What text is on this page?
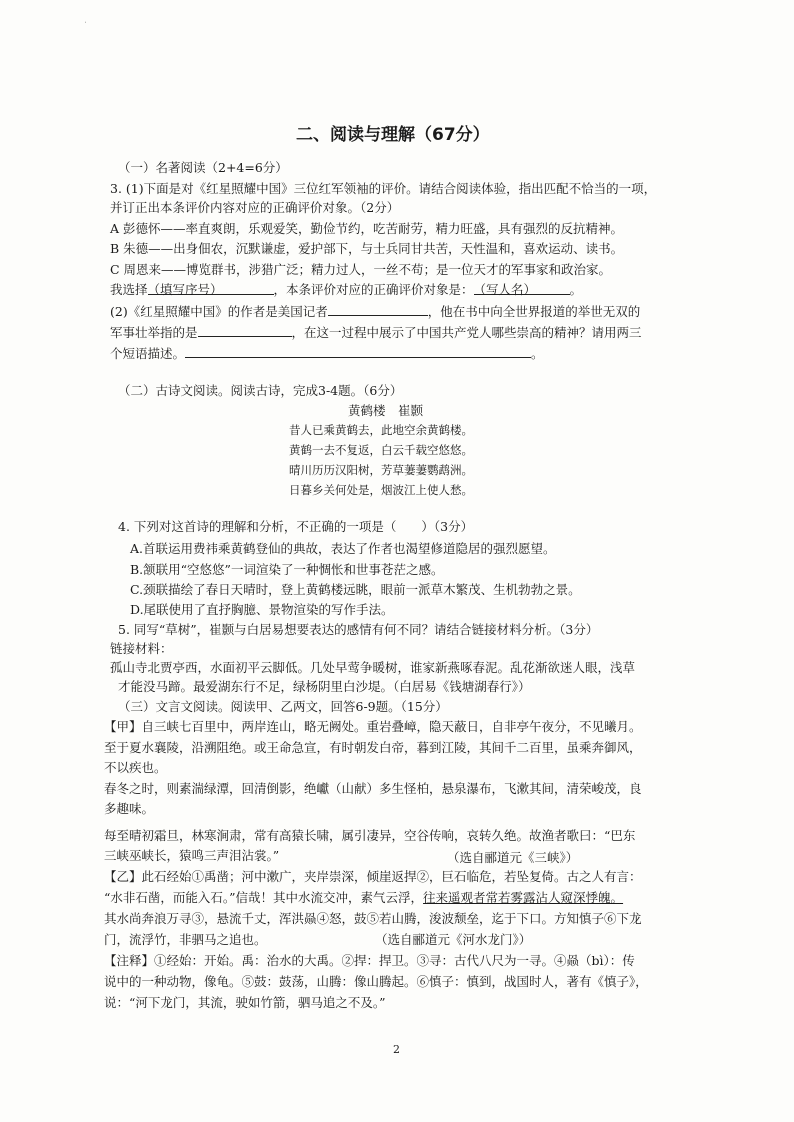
˙
二、阅读与理解（67分）
（一）名著阅读（2+4=6分）
3. (1)下面是对《红星照耀中国》三位红军领袖的评价。请结合阅读体验，指出匹配不恰当的一项，
并订正出本条评价内容对应的正确评价对象。（2分）
A 彭德怀——率直爽朗，乐观爱笑，勤俭节约，吃苦耐劳，精力旺盛，具有强烈的反抗精神。
B 朱德——出身佃农，沉默谦虚，爱护部下，与士兵同甘共苦，天性温和，喜欢运动、读书。
C 周恩来——博览群书，涉猎广泛；精力过人，一丝不苟；是一位天才的军事家和政治家。
我选择（填写序号）	，本条评价对应的正确评价对象是：（写人名）	。
(2)《红星照耀中国》的作者是美国记者	，他在书中向全世界报道的举世无双的
军事壮举指的是	，在这一过程中展示了中国共产党人哪些崇高的精神？请用两三
个短语描述。	。
（二）古诗文阅读。阅读古诗，完成3-4题。（6分）
黄鹤楼　崔颢
昔人已乘黄鹤去，此地空余黄鹤楼。
黄鹤一去不复返，白云千载空悠悠。
晴川历历汉阳树，芳草萋萋鹦鹉洲。
日暮乡关何处是，烟波江上使人愁。
4. 下列对这首诗的理解和分析，不正确的一项是（　　）（3分）
A.首联运用费祎乘黄鹤登仙的典故，表达了作者也渴望修道隐居的强烈愿望。
B.颔联用“空悠悠”一词渲染了一种惆怅和世事苍茫之感。
C.颈联描绘了春日天晴时，登上黄鹤楼远眺，眼前一派草木繁茂、生机勃勃之景。
D.尾联使用了直抒胸臆、景物渲染的写作手法。
5. 同写“草树”，崔颢与白居易想要表达的感情有何不同？请结合链接材料分析。（3分）
链接材料：
孤山寺北贾亭西，水面初平云脚低。几处早莺争暖树，谁家新燕啄春泥。乱花渐欲迷人眼，浅草
才能没马蹄。最爱湖东行不足，绿杨阴里白沙堤。（白居易《钱塘湖春行》）
（三）文言文阅读。阅读甲、乙两文，回答6-9题。（15分）
【甲】自三峡七百里中，两岸连山，略无阙处。重岩叠嶂，隐天蔽日，自非亭午夜分，不见曦月。
至于夏水襄陵，沿溯阻绝。或王命急宣，有时朝发白帝，暮到江陵，其间千二百里，虽乘奔御风，
不以疾也。
春冬之时，则素湍绿潭，回清倒影，绝巘（山献）多生怪柏，悬泉瀑布，飞漱其间，清荣峻茂，良
多趣味。
每至晴初霜旦，林寒涧肃，常有高猿长啸，属引凄异，空谷传响，哀转久绝。故渔者歌曰：“巴东
三峡巫峡长，猿鸣三声泪沾裳。”	（选自郦道元《三峡》）
【乙】此石经始①禹凿；河中漱广，夹岸崇深，倾崖返捍②，巨石临危，若坠复倚。古之人有言：
“水非石凿，而能入石。”信哉！其中水流交冲，素气云浮，往来遥观者常若雾露沾人窥深悸魄。
其水尚奔浪万寻③，悬流千丈，浑洪赑④怒，鼓⑤若山腾，浚波颓垒，迄于下口。方知慎子⑥下龙
门，流浮竹，非驷马之追也。	（选自郦道元《河水龙门》）
【注释】①经始：开始。禹：治水的大禹。②捍：捍卫。③寻：古代八尺为一寻。④赑（bì）：传
说中的一种动物，像龟。⑤鼓：鼓荡，山腾：像山腾起。⑥慎子：慎到，战国时人，著有《慎子》，
说：“河下龙门，其流，驶如竹箭，驷马追之不及。”
2
